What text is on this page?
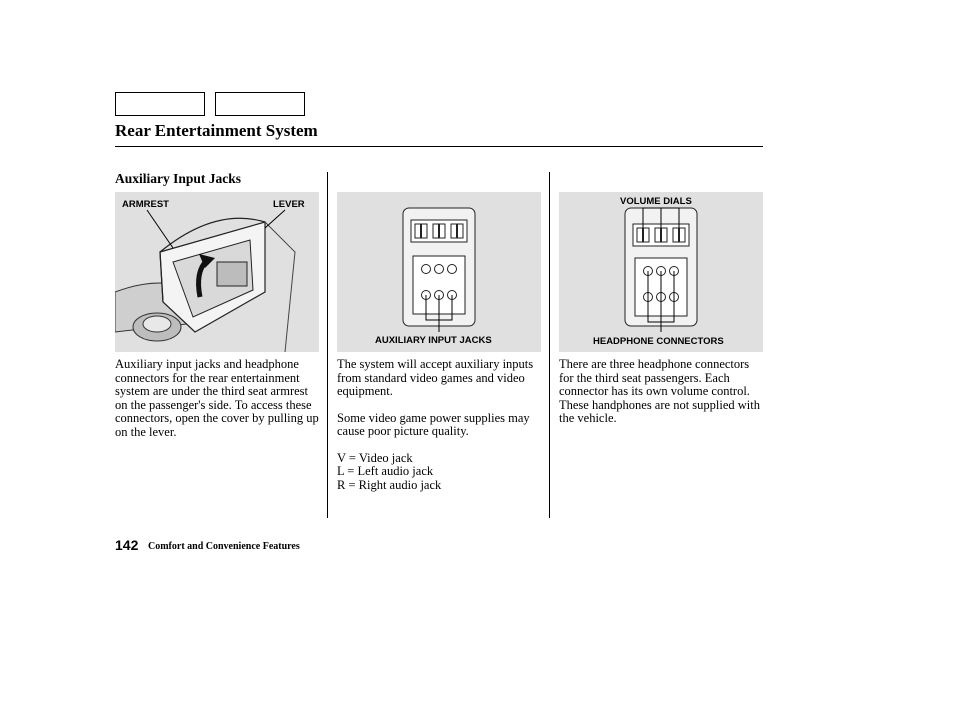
Rear Entertainment System
Auxiliary Input Jacks
ARMREST	LEVER
AUXILIARY INPUT JACKS
VOLUME DIALS
HEADPHONE CONNECTORS

Auxiliary input jacks and headphone connectors for the rear entertainment system are under the third seat armrest on the passenger's side. To access these connectors, open the cover by pulling up on the lever.

The system will accept auxiliary inputs from standard video games and video equipment.

Some video game power supplies may cause poor picture quality.

V = Video jack
L = Left audio jack
R = Right audio jack

There are three headphone connectors for the third seat passengers. Each connector has its own volume control. These handphones are not supplied with the vehicle.

142 Comfort and Convenience Features
